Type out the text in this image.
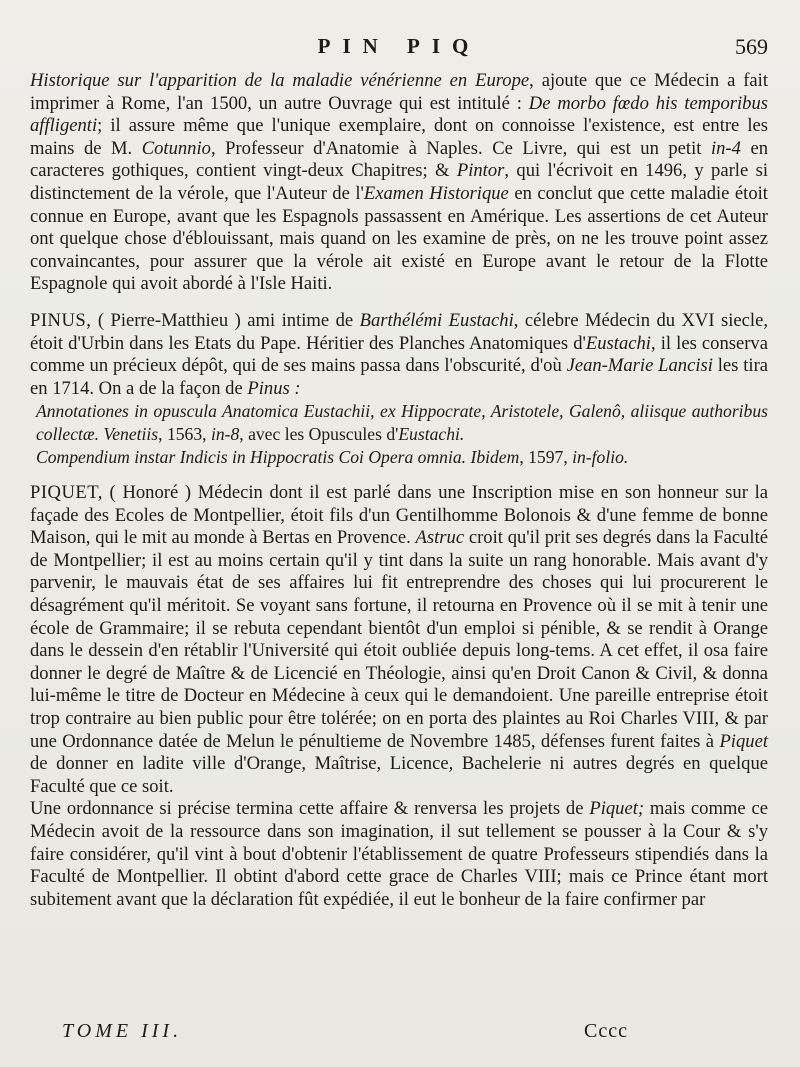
PIN PIQ	569

Historique sur l'apparition de la maladie vénérienne en Europe, ajoute que ce Médecin a fait imprimer à Rome, l'an 1500, un autre Ouvrage qui est intitulé : De morbo fœdo his temporibus affligenti; il assure même que l'unique exemplaire, dont on connoisse l'existence, est entre les mains de M. Cotunnio, Professeur d'Anatomie à Naples. Ce Livre, qui est un petit in-4 en caracteres gothiques, contient vingt-deux Chapitres; & Pintor, qui l'écrivoit en 1496, y parle si distinctement de la vérole, que l'Auteur de l'Examen Historique en conclut que cette maladie étoit connue en Europe, avant que les Espagnols passassent en Amérique. Les assertions de cet Auteur ont quelque chose d'éblouissant, mais quand on les examine de près, on ne les trouve point assez convaincantes, pour assurer que la vérole ait existé en Europe avant le retour de la Flotte Espagnole qui avoit abordé à l'Isle Haiti.

PINUS, ( Pierre-Matthieu ) ami intime de Barthélémi Eustachi, célebre Médecin du XVI siecle, étoit d'Urbin dans les Etats du Pape. Héritier des Planches Anatomiques d'Eustachi, il les conserva comme un précieux dépôt, qui de ses mains passa dans l'obscurité, d'où Jean-Marie Lancisi les tira en 1714. On a de la façon de Pinus :

Annotationes in opuscula Anatomica Eustachii, ex Hippocrate, Aristotele, Galenô, aliisque authoribus collectæ. Venetiis, 1563, in-8, avec les Opuscules d'Eustachi.

Compendium instar Indicis in Hippocratis Coi Opera omnia. Ibidem, 1597, in-folio.

PIQUET, ( Honoré ) Médecin dont il est parlé dans une Inscription mise en son honneur sur la façade des Ecoles de Montpellier, étoit fils d'un Gentilhomme Bolonois & d'une femme de bonne Maison, qui le mit au monde à Bertas en Provence. Astruc croit qu'il prit ses degrés dans la Faculté de Montpellier; il est au moins certain qu'il y tint dans la suite un rang honorable. Mais avant d'y parvenir, le mauvais état de ses affaires lui fit entreprendre des choses qui lui procurerent le désagrément qu'il méritoit. Se voyant sans fortune, il retourna en Provence où il se mit à tenir une école de Grammaire; il se rebuta cependant bientôt d'un emploi si pénible, & se rendit à Orange dans le dessein d'en rétablir l'Université qui étoit oubliée depuis long-tems. A cet effet, il osa faire donner le degré de Maître & de Licencié en Théologie, ainsi qu'en Droit Canon & Civil, & donna lui-même le titre de Docteur en Médecine à ceux qui le demandoient. Une pareille entreprise étoit trop contraire au bien public pour être tolérée; on en porta des plaintes au Roi Charles VIII, & par une Ordonnance datée de Melun le pénultieme de Novembre 1485, défenses furent faites à Piquet de donner en ladite ville d'Orange, Maîtrise, Licence, Bachelerie ni autres degrés en quelque Faculté que ce soit.

Une ordonnance si précise termina cette affaire & renversa les projets de Piquet; mais comme ce Médecin avoit de la ressource dans son imagination, il sut tellement se pousser à la Cour & s'y faire considérer, qu'il vint à bout d'obtenir l'établissement de quatre Professeurs stipendiés dans la Faculté de Montpellier. Il obtint d'abord cette grace de Charles VIII; mais ce Prince étant mort subitement avant que la déclaration fût expédiée, il eut le bonheur de la faire confirmer par

TOME III.	Cccc
